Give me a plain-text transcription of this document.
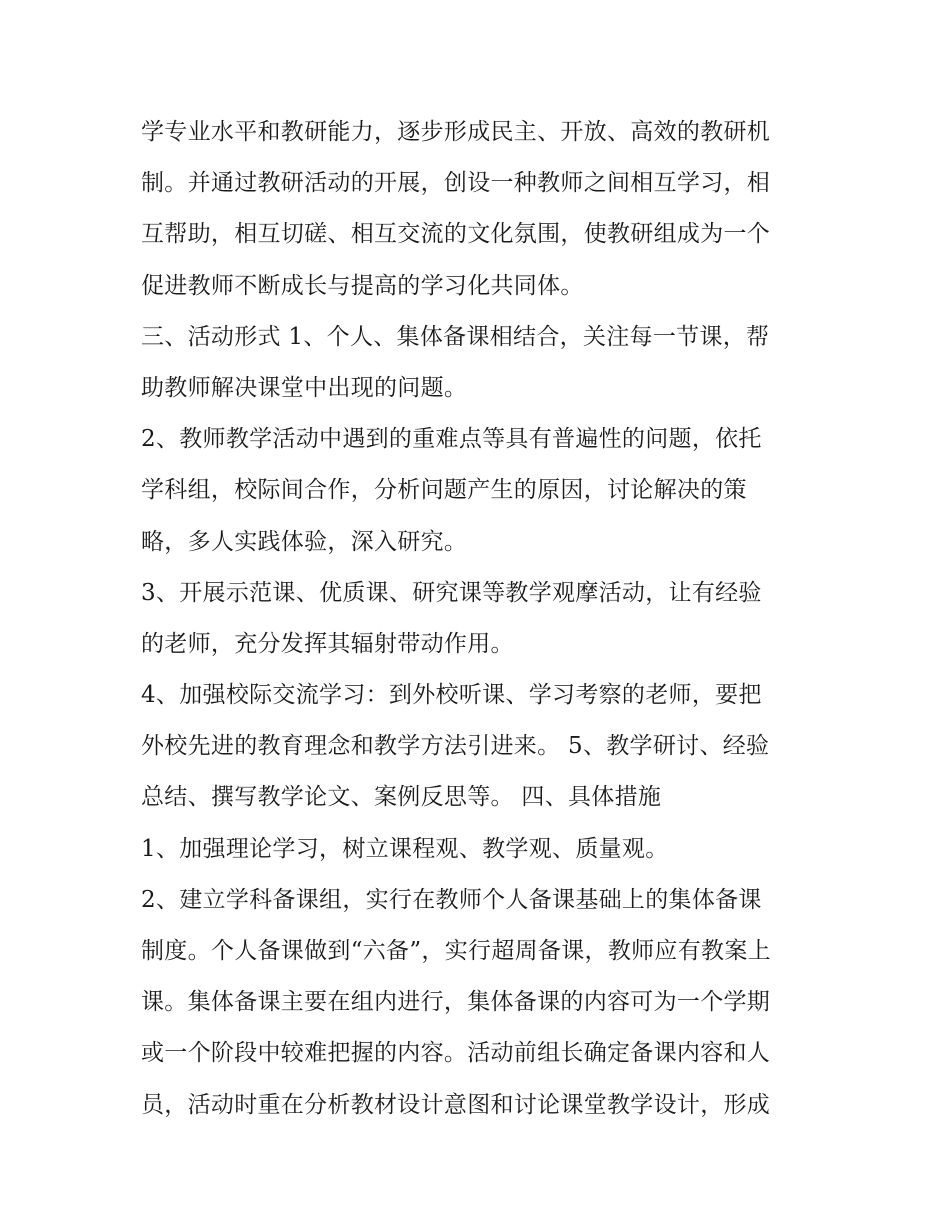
学专业水平和教研能力，逐步形成民主、开放、高效的教研机
制。并通过教研活动的开展，创设一种教师之间相互学习，相
互帮助，相互切磋、相互交流的文化氛围，使教研组成为一个
促进教师不断成长与提高的学习化共同体。
三、活动形式 1、个人、集体备课相结合，关注每一节课，帮
助教师解决课堂中出现的问题。
2、教师教学活动中遇到的重难点等具有普遍性的问题，依托
学科组，校际间合作，分析问题产生的原因，讨论解决的策
略，多人实践体验，深入研究。
3、开展示范课、优质课、研究课等教学观摩活动，让有经验
的老师，充分发挥其辐射带动作用。
4、加强校际交流学习：到外校听课、学习考察的老师，要把
外校先进的教育理念和教学方法引进来。 5、教学研讨、经验
总结、撰写教学论文、案例反思等。 四、具体措施
1、加强理论学习，树立课程观、教学观、质量观。
2、建立学科备课组，实行在教师个人备课基础上的集体备课
制度。个人备课做到“六备”，实行超周备课，教师应有教案上
课。集体备课主要在组内进行，集体备课的内容可为一个学期
或一个阶段中较难把握的内容。活动前组长确定备课内容和人
员，活动时重在分析教材设计意图和讨论课堂教学设计，形成
